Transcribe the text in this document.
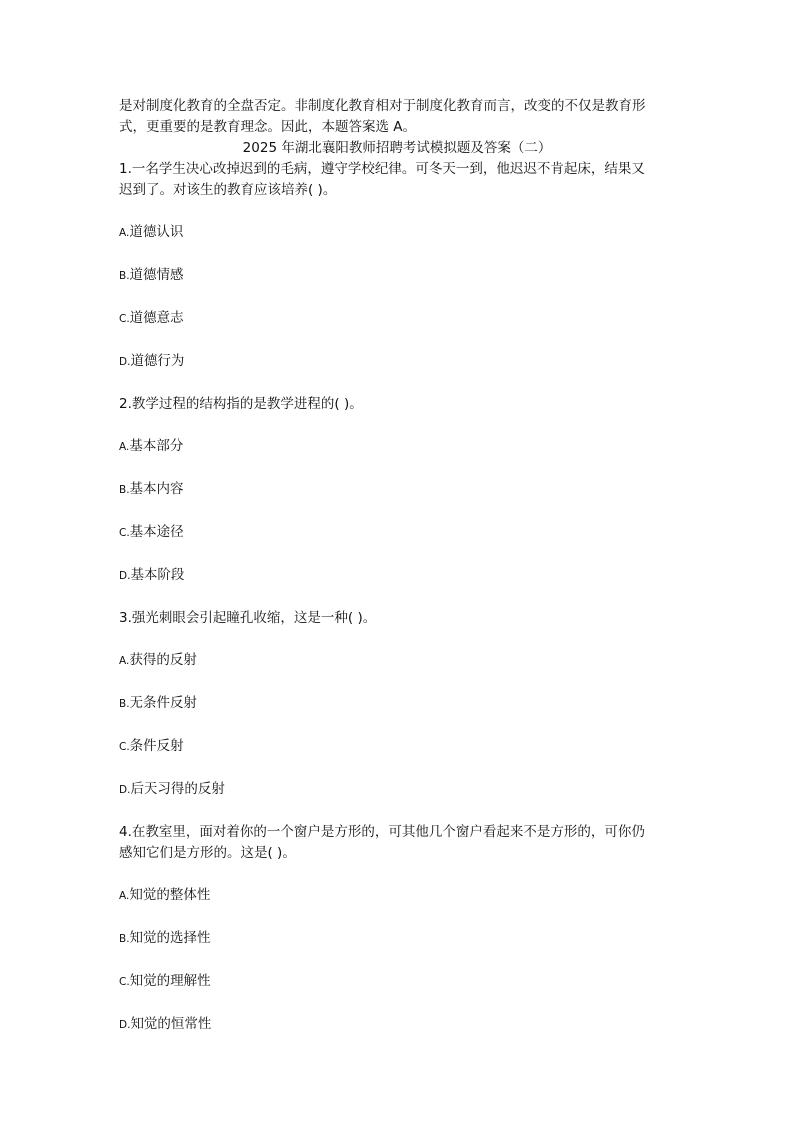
是对制度化教育的全盘否定。非制度化教育相对于制度化教育而言，改变的不仅是教育形

式，更重要的是教育理念。因此，本题答案选 A。

2025 年湖北襄阳教师招聘考试模拟题及答案（二）

1.一名学生决心改掉迟到的毛病，遵守学校纪律。可冬天一到，他迟迟不肯起床，结果又

迟到了。对该生的教育应该培养( )。

A.道德认识

B.道德情感

C.道德意志

D.道德行为

2.教学过程的结构指的是教学进程的( )。

A.基本部分

B.基本内容

C.基本途径

D.基本阶段

3.强光刺眼会引起瞳孔收缩，这是一种( )。

A.获得的反射

B.无条件反射

C.条件反射

D.后天习得的反射

4.在教室里，面对着你的一个窗户是方形的，可其他几个窗户看起来不是方形的，可你仍

感知它们是方形的。这是( )。

A.知觉的整体性

B.知觉的选择性

C.知觉的理解性

D.知觉的恒常性
